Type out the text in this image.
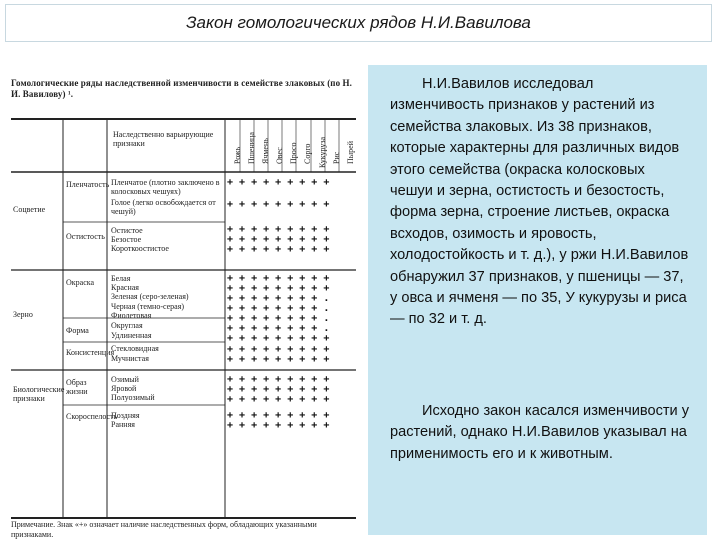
Закон гомологических рядов Н.И.Вавилова
Гомологические ряды наследственной изменчивости в семействе злаковых (по Н. И. Вавилову) ¹.
Рожь Пшеница Ячмень Овес Просо Сорго Кукуруза Рис Пырей
Наследственно варьирующие признаки
Соцветие
Зерно
Биологические признаки
Пленчатость
Остистость
Окраска
Форма
Консистенция
Образ жизни
Скороспелость
Пленчатое (плотно заключено в колосковых чешуях)
Голое (легко освобождается от чешуй)
Остистое
Безостое
Короткоостистое
Белая
Красная
Зеленая (серо-зеленая)
Черная (темно-серая)
Фиолетовая
Округлая
Удлиненная
Стекловидная
Мучнистая
Озимый
Яровой
Полуозимый
Поздняя
Ранняя
+ + + + + + + + +
+ + + + + + + + +
+ + + + + + + + +
+ + + + + + + + +
+ + + + + + + + +
+ + + + + + + + +
+ + + + + + + + +
+ + + + + + + + .
+ + + + + + + + .
+ + + + + + + + .
+ + + + + + + + .
+ + + + + + + + +
+ + + + + + + + +
+ + + + + + + + +
+ + + + + + + + +
+ + + + + + + + +
+ + + + + + + + +
+ + + + + + + + +
+ + + + + + + + +
Примечание. Знак «+» означает наличие наследственных форм, обладающих указанными признаками.

Н.И.Вавилов исследовал изменчивость признаков у растений из семейства злаковых. Из 38 признаков, которые характерны для различных видов этого семейства (окраска колосковых чешуи и зерна, остистость и безостость, форма зерна, строение листьев, окраска всходов, озимость и яровость, холодостойкость и т. д.), у ржи Н.И.Вавилов обнаружил 37 признаков, у пшеницы — 37, у овса и ячменя — по 35, У кукурузы и риса — по 32 и т. д.

Исходно закон касался изменчивости у растений, однако Н.И.Вавилов указывал на применимость его и к животным.
